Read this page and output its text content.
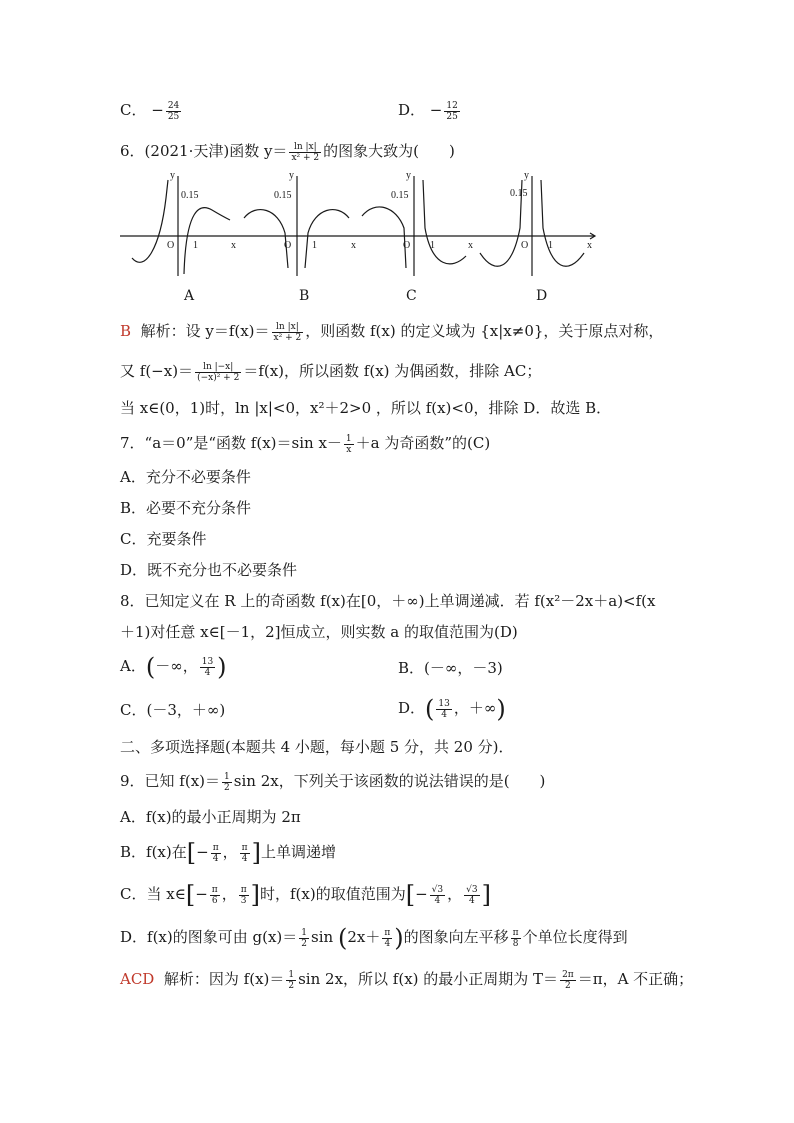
C． − $\frac{24}{25}$	D． − $\frac{12}{25}$
6．(2021·天津)函数 $y= \frac{\ln |x|}{\text{x² + 2}}$ 的图象大致为(　　)
y
0.15
O 1	x
y
0.15
O 1	x
y
0.15
O 1	x
y
0.15
O 1	x
A	B	C	D
B 解析：设 $y=f(x)= \frac{\ln |x|}{\text{x² + 2}}$ ，则函数 f(x) 的定义域为 {x|x≠0}，关于原点对称，
又 $f(-x)= \frac{\ln |-x|}{\text{(−x)² + 2}} =f(x)$，所以函数 f(x) 为偶函数，排除 AC；
当 x∈(0，1)时，ln |x|<0，x²＋2>0 ，所以 f(x)<0，排除 D．故选 B．
7．“a＝0”是“函数 f(x)＝sin $x- \frac{1}{x} +a$ 为奇函数”的(C)
A．充分不必要条件
B．必要不充分条件
C．充要条件
D．既不充分也不必要条件
8．已知定义在 R 上的奇函数 f(x)在[0，＋∞)上单调递减．若 f(x²－2x＋a)<f(x
＋1)对任意 x∈[－1，2]恒成立，则实数 a 的取值范围为(D)
A．(－∞， $\frac{13}{4}$ )	B．(－∞，－3)
C．(－3，＋∞)	D．( $\frac{13}{4}$ ，＋∞)
二、多项选择题(本题共 4 小题，每小题 5 分，共 20 分)．
9．已知 $f(x)= \frac{1}{2}$ sin 2x，下列关于该函数的说法错误的是(　　)
A．f(x)的最小正周期为 2π
B．f(x)在[− $\frac{\pi}{4}$ ， $\frac{\pi}{4}$ ]上单调递增
C．当 x∈[− $\frac{\pi}{6}$ ， $\frac{\pi}{3}$ ]时，f(x)的取值范围为[− $\frac{√3}{4}$ ， $\frac{√3}{4}$ ]
D．f(x)的图象可由 $g(x)= \frac{1}{2}$ $\sin (2x+ \frac{\pi}{4}$ )的图象向左平移 $\frac{\pi}{8}$ 个单位长度得到
ACD 解析：因为 $f(x)= \frac{1}{2}$ sin 2x，所以 f(x) 的最小正周期为 $T= \frac{2\pi}{2} =\pi$，A 不正确；
